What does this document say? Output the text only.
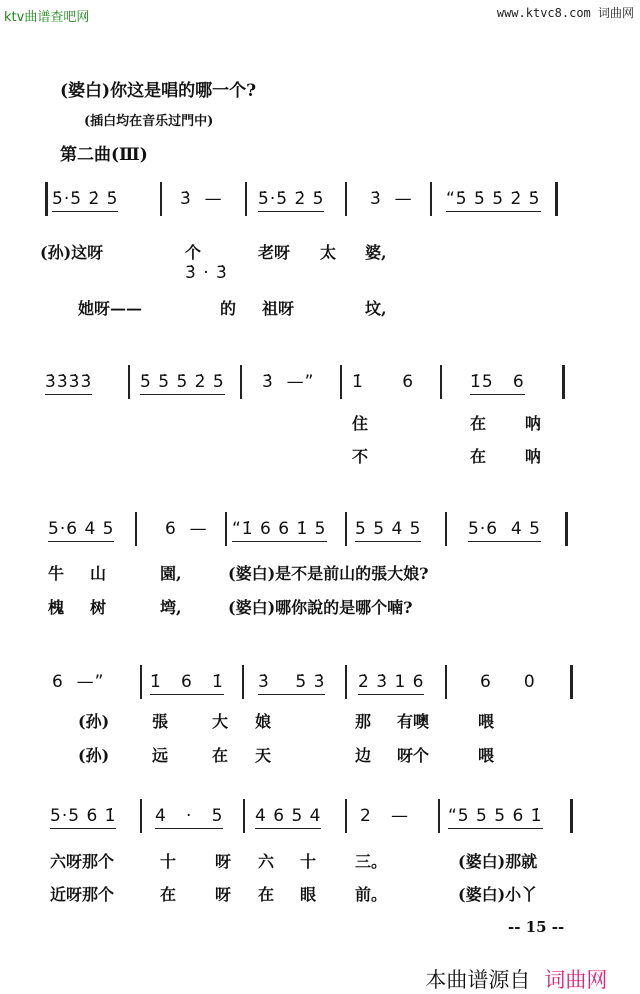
ktv曲谱查吧网	www.ktvc8.com 词曲网
(婆白)你这是唱的哪一个?
(插白均在音乐过門中)
第二曲(Ⅲ)
5̇·5̇ 2̇ 5̇	3̇  — 5̇·5̇ 2̇ 5̇	3̇  — “5̇ 5̇ 5̇ 2̇ 5̇
(孙)这呀	个	老呀 太 婆,
她呀——	的 祖呀	坟,
3̇ · 3̇
3̇3̇3̇3̇	5̇ 5̇ 5̇ 2̇ 5̇ 3̇  —” 1̇      6	1̇5   6
住	在 呐
不	在 呐
5·6 4 5	6  — “1̇ 6 6 1̇ 5 5 5 4 5	5·6  4 5
牛 山	園,	(婆白)是不是前山的張大娘?
槐 树	塆,	(婆白)哪你說的是哪个喃?
6  —”	1̇   6   1̇ 3̇    5̇ 3̇ 2̇ 3̇ 1 6	6     0
(孙)	張	大 娘	那 有噢	喂
(孙)	远	在 天	边 呀个	喂
5·5 6 1̇ 4   ·   5 4 6 5 4 2   — “5 5 5 6 1̇
六呀那个	十 呀 六 十 三。	(婆白)那就
近呀那个	在 呀 在 眼 前。	(婆白)小丫
-- 15 --

本曲谱源自 词曲网
